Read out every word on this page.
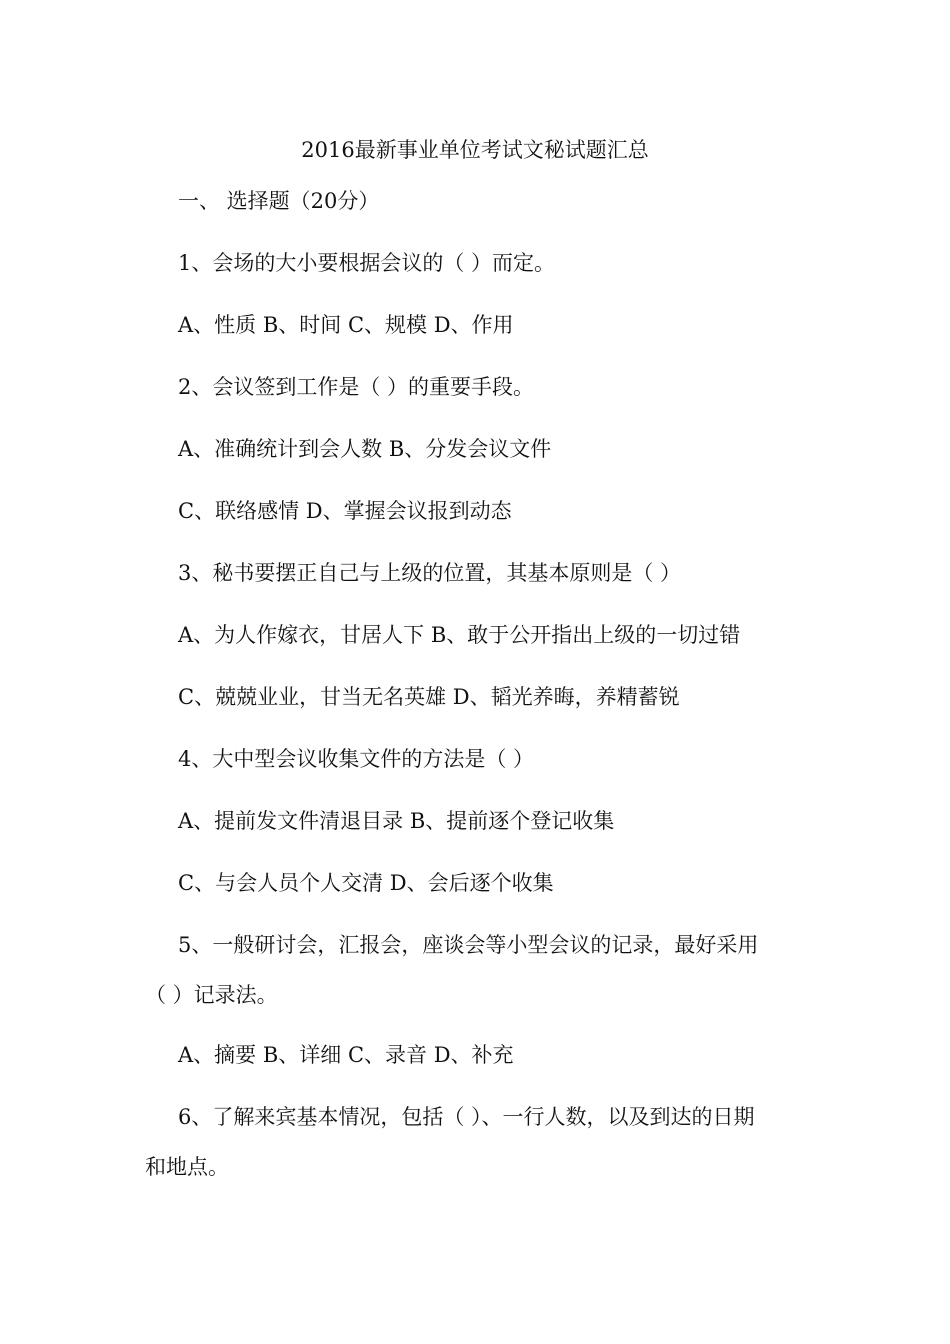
2016最新事业单位考试文秘试题汇总
一、 选择题（20分）
1、会场的大小要根据会议的（ ）而定。
A、性质 B、时间 C、规模 D、作用
2、会议签到工作是（ ）的重要手段。
A、准确统计到会人数 B、分发会议文件
C、联络感情 D、掌握会议报到动态
3、秘书要摆正自己与上级的位置，其基本原则是（ ）
A、为人作嫁衣，甘居人下 B、敢于公开指出上级的一切过错
C、兢兢业业，甘当无名英雄 D、韬光养晦，养精蓄锐
4、大中型会议收集文件的方法是（ ）
A、提前发文件清退目录 B、提前逐个登记收集
C、与会人员个人交清 D、会后逐个收集
5、一般研讨会，汇报会，座谈会等小型会议的记录，最好采用
（ ）记录法。
A、摘要 B、详细 C、录音 D、补充
6、了解来宾基本情况，包括（ ）、一行人数，以及到达的日期
和地点。
